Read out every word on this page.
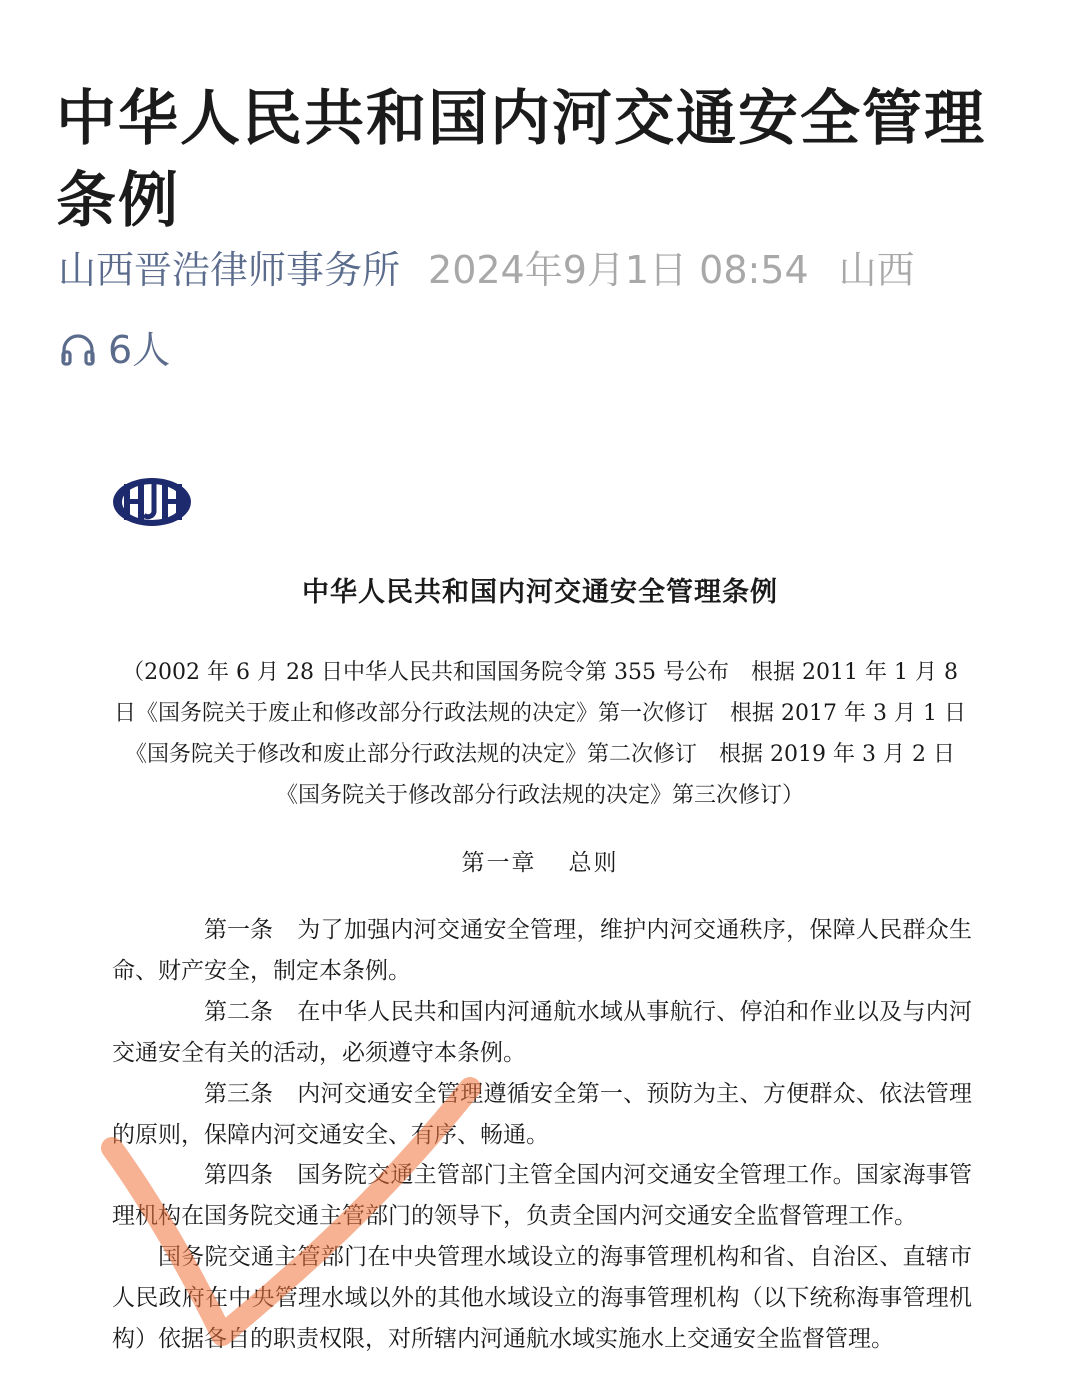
中华人民共和国内河交通安全管理条例
山西晋浩律师事务所 2024年9月1日 08:54 山西
6人
中华人民共和国内河交通安全管理条例
（2002 年 6 月 28 日中华人民共和国国务院令第 355 号公布　根据 2011 年 1 月 8 日《国务院关于废止和修改部分行政法规的决定》第一次修订　根据 2017 年 3 月 1 日《国务院关于修改和废止部分行政法规的决定》第二次修订　根据 2019 年 3 月 2 日《国务院关于修改部分行政法规的决定》第三次修订）
第一章 总则

第一条 为了加强内河交通安全管理，维护内河交通秩序，保障人民群众生命、财产安全，制定本条例。

第二条 在中华人民共和国内河通航水域从事航行、停泊和作业以及与内河交通安全有关的活动，必须遵守本条例。

第三条 内河交通安全管理遵循安全第一、预防为主、方便群众、依法管理的原则，保障内河交通安全、有序、畅通。

第四条 国务院交通主管部门主管全国内河交通安全管理工作。国家海事管理机构在国务院交通主管部门的领导下，负责全国内河交通安全监督管理工作。

国务院交通主管部门在中央管理水域设立的海事管理机构和省、自治区、直辖市人民政府在中央管理水域以外的其他水域设立的海事管理机构（以下统称海事管理机构）依据各自的职责权限，对所辖内河通航水域实施水上交通安全监督管理。
